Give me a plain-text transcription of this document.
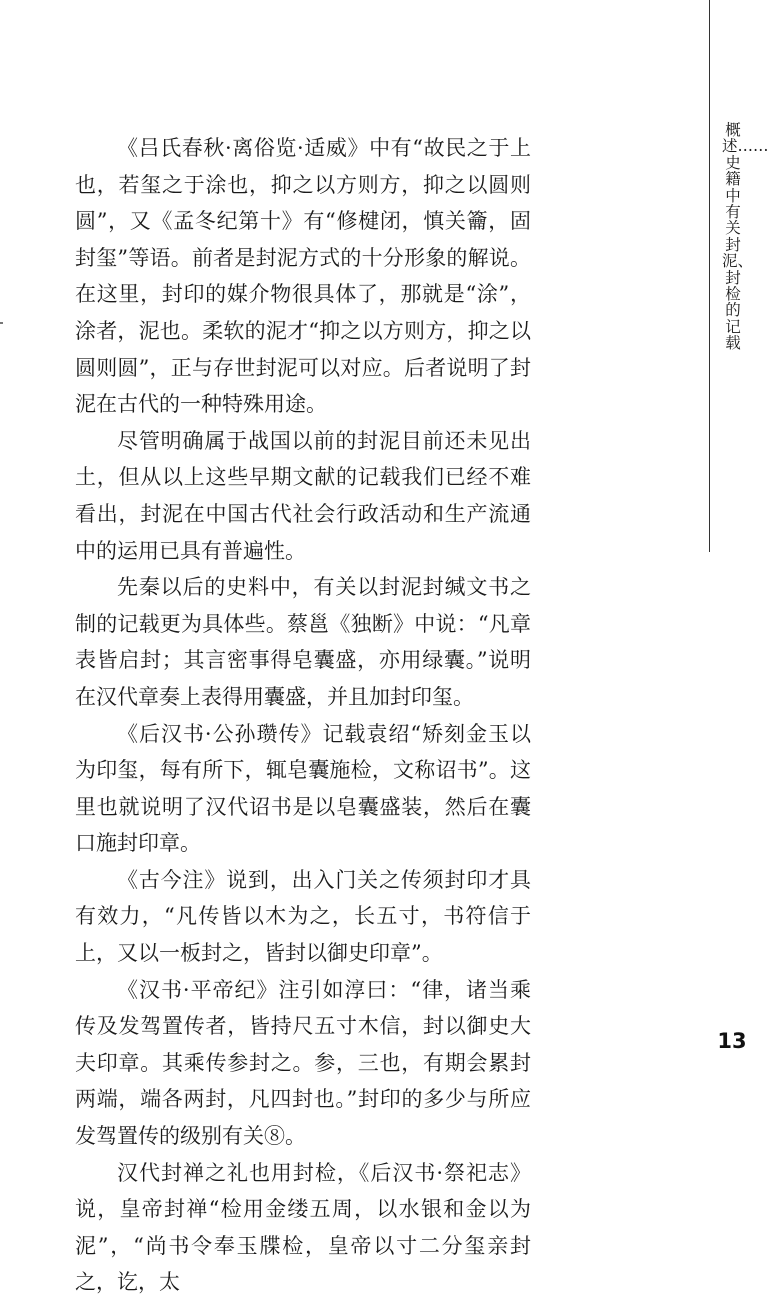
《吕氏春秋·离俗览·适威》中有“故民之于上也，若玺之于涂也，抑之以方则方，抑之以圆则圆”，又《孟冬纪第十》有“修楗闭，慎关籥，固封玺”等语。前者是封泥方式的十分形象的解说。在这里，封印的媒介物很具体了，那就是“涂”，涂者，泥也。柔软的泥才“抑之以方则方，抑之以圆则圆”，正与存世封泥可以对应。后者说明了封泥在古代的一种特殊用途。

尽管明确属于战国以前的封泥目前还未见出土，但从以上这些早期文献的记载我们已经不难看出，封泥在中国古代社会行政活动和生产流通中的运用已具有普遍性。

先秦以后的史料中，有关以封泥封缄文书之制的记载更为具体些。蔡邕《独断》中说：“凡章表皆启封；其言密事得皂囊盛，亦用绿囊。”说明在汉代章奏上表得用囊盛，并且加封印玺。

《后汉书·公孙瓒传》记载袁绍“矫刻金玉以为印玺，每有所下，辄皂囊施检，文称诏书”。这里也就说明了汉代诏书是以皂囊盛装，然后在囊口施封印章。

《古今注》说到，出入门关之传须封印才具有效力，“凡传皆以木为之，长五寸，书符信于上，又以一板封之，皆封以御史印章”。

《汉书·平帝纪》注引如淳曰：“律，诸当乘传及发驾置传者，皆持尺五寸木信，封以御史大夫印章。其乘传参封之。参，三也，有期会累封两端，端各两封，凡四封也。”封印的多少与所应发驾置传的级别有关⑧。

汉代封禅之礼也用封检，《后汉书·祭祀志》说，皇帝封禅“检用金缕五周，以水银和金以为泥”，“尚书令奉玉牒检，皇帝以寸二分玺亲封之，讫，太

概述……史籍中有关封泥、封检的记载
13
